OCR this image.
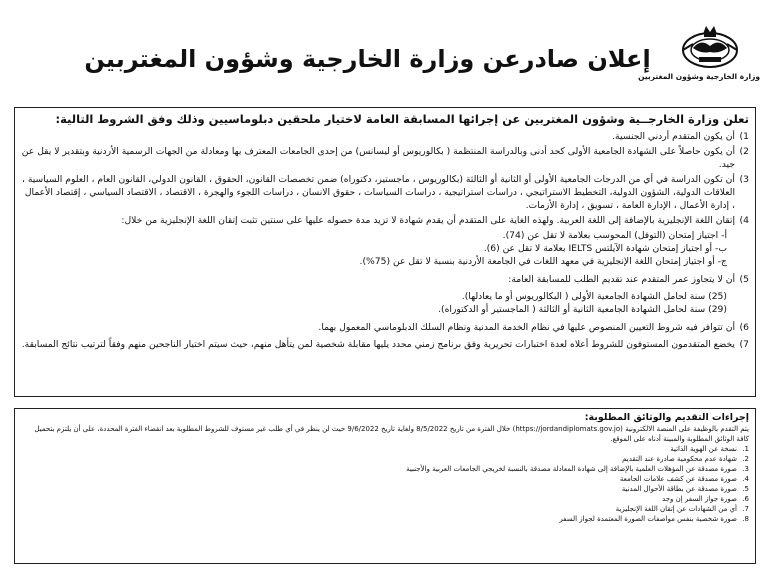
وزارة الخارجية وشؤون المغتربين
إعلان صادرعن وزارة الخارجية وشؤون المغتربين

تعلن وزارة الخارجــية وشؤون المغتربين عن إجرائها المسابقة العامة لاختيار ملحقين دبلوماسيين وذلك وفق الشروط التالية:

1)
أن يكون المتقدم أردني الجنسية.
2)
أن يكون حاصلاً على الشهادة الجامعية الأولى كحد أدنى وبالدراسة المنتظمة ( بكالوريوس أو ليسانس) من إحدى الجامعات المعترف بها ومعادلة من الجهات الرسمية الأردنية وبتقدير لا يقل عن جيد.
3)
أن تكون الدراسة في أي من الدرجات الجامعية الأولى أو الثانية أو الثالثة (بكالوريوس ، ماجستير، دكتوراه) ضمن تخصصات القانون، الحقوق ، القانون الدولي، القانون العام ، العلوم السياسية ، العلاقات الدولية، الشؤون الدولية، التخطيط الاستراتيجي ، دراسات استراتيجية ، دراسات السياسات ، حقوق الانسان ، دراسات اللجوء والهجرة ، الاقتصاد ، الاقتصاد السياسي ، إقتصاد الأعمال ، إدارة الأعمال ، الإدارة العامة ، تسويق ، إدارة الأزمات.
4)
إتقان اللغة الإنجليزية بالإضافة إلى اللغة العربية. ولهذه الغاية على المتقدم أن يقدم شهادة لا تزيد مدة حصوله عليها على سنتين تثبت إتقان اللغة الإنجليزية من خلال:
أ- اجتياز إمتحان (التوفل) المحوسب بعلامة لا تقل عن (74).
ب- أو اجتياز إمتحان شهادة الآيلتس IELTS بعلامة لا تقل عن (6).
ج- أو اجتياز إمتحان اللغة الإنجليزية في معهد اللغات في الجامعة الأردنية بنسبة لا تقل عن (75%).
5)
أن لا يتجاوز عمر المتقدم عند تقديم الطلب للمسابقة العامة:
(25) سنة لحامل الشهادة الجامعية الأولى ( البكالوريوس أو ما يعادلها).
(29) سنة لحامل الشهادة الجامعية الثانية أو الثالثة ( الماجستير أو الدكتوراه).
6)
أن تتوافر فيه شروط التعيين المنصوص عليها في نظام الخدمة المدنية ونظام السلك الدبلوماسي المعمول بهما.
7)
يخضع المتقدمون المستوفون للشروط أعلاه لعدة اختبارات تحريرية وفق برنامج زمني محدد يليها مقابلة شخصية لمن يتأهل منهم، حيث سيتم اختيار الناجحين منهم وفقاً لترتيب نتائج المسابقة.
إجراءات التقديم والوثائق المطلوبة:
يتم التقدم بالوظيفة على المنصة الالكترونية (https://jordandiplomats.gov.jo) خلال الفترة من تاريخ 8/5/2022 ولغاية تاريخ 9/6/2022 حيث لن ينظر في أي طلب غير مستوف للشروط المطلوبة بعد انقضاء الفترة المحددة، على أن يلتزم بتحميل كافة الوثائق المطلوبة والمبينة أدناه على الموقع.
1.
نسخة عن الهوية الذاتية
2.
شهادة عدم محكومية صادرة عند التقديم
3.
صورة مصدقة عن المؤهلات العلمية بالإضافة إلى شهادة المعادلة مصدقة بالنسبة لخريجي الجامعات العربية والأجنبية
4.
صورة مصدقة عن كشف علامات الجامعة
5.
صورة مصدقة عن بطاقة الأحوال المدنية
6.
صورة جواز السفر إن وجد
7.
أي من الشهادات عن إتقان اللغة الإنجليزية
8.
صورة شخصية بنفس مواصفات الصورة المعتمدة لجواز السفر
